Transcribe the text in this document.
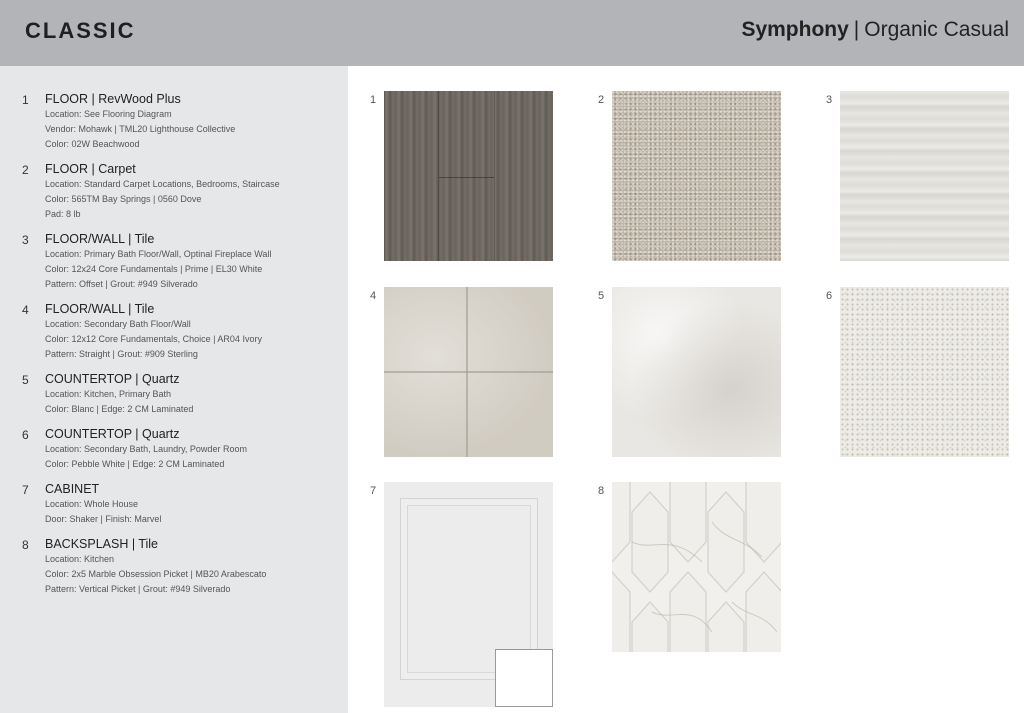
CLASSIC	Symphony | Organic Casual
1	FLOOR | RevWood Plus
Location: See Flooring Diagram
Vendor: Mohawk | TML20 Lighthouse Collective
Color: 02W Beachwood
2	FLOOR | Carpet
Location: Standard Carpet Locations, Bedrooms, Staircase
Color: 565TM Bay Springs | 0560 Dove
Pad: 8 lb
3	FLOOR/WALL | Tile
Location: Primary Bath Floor/Wall, Optinal Fireplace Wall
Color: 12x24 Core Fundamentals | Prime | EL30 White
Pattern: Offset | Grout: #949 Silverado
4	FLOOR/WALL | Tile
Location: Secondary Bath Floor/Wall
Color: 12x12 Core Fundamentals, Choice | AR04 Ivory
Pattern: Straight | Grout: #909 Sterling
5	COUNTERTOP | Quartz
Location: Kitchen, Primary Bath
Color: Blanc | Edge: 2 CM Laminated
6	COUNTERTOP | Quartz
Location: Secondary Bath, Laundry, Powder Room
Color: Pebble White | Edge: 2 CM Laminated
7	CABINET
Location: Whole House
Door: Shaker | Finish: Marvel
8	BACKSPLASH | Tile
Location: Kitchen
Color: 2x5 Marble Obsession Picket | MB20 Arabescato
Pattern: Vertical Picket | Grout: #949 Silverado
1	2	3
4	5	6
7	8
